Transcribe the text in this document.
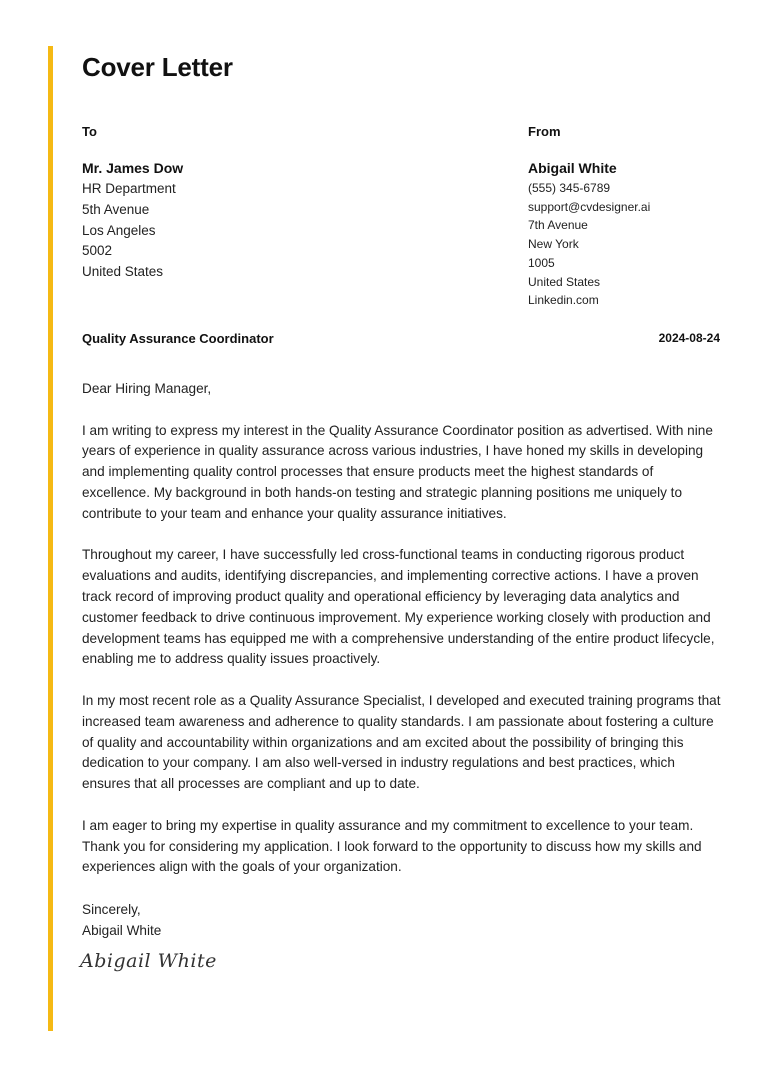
Cover Letter
To
Mr. James Dow
HR Department
5th Avenue
Los Angeles
5002
United States
From
Abigail White
(555) 345-6789
support@cvdesigner.ai
7th Avenue
New York
1005
United States
Linkedin.com
Quality Assurance Coordinator	2024-08-24

Dear Hiring Manager,

I am writing to express my interest in the Quality Assurance Coordinator position as advertised. With nine years of experience in quality assurance across various industries, I have honed my skills in developing and implementing quality control processes that ensure products meet the highest standards of excellence. My background in both hands-on testing and strategic planning positions me uniquely to contribute to your team and enhance your quality assurance initiatives.

Throughout my career, I have successfully led cross-functional teams in conducting rigorous product evaluations and audits, identifying discrepancies, and implementing corrective actions. I have a proven track record of improving product quality and operational efficiency by leveraging data analytics and customer feedback to drive continuous improvement. My experience working closely with production and development teams has equipped me with a comprehensive understanding of the entire product lifecycle, enabling me to address quality issues proactively.

In my most recent role as a Quality Assurance Specialist, I developed and executed training programs that increased team awareness and adherence to quality standards. I am passionate about fostering a culture of quality and accountability within organizations and am excited about the possibility of bringing this dedication to your company. I am also well-versed in industry regulations and best practices, which ensures that all processes are compliant and up to date.

I am eager to bring my expertise in quality assurance and my commitment to excellence to your team. Thank you for considering my application. I look forward to the opportunity to discuss how my skills and experiences align with the goals of your organization.

Sincerely,
Abigail White
Abigail White
